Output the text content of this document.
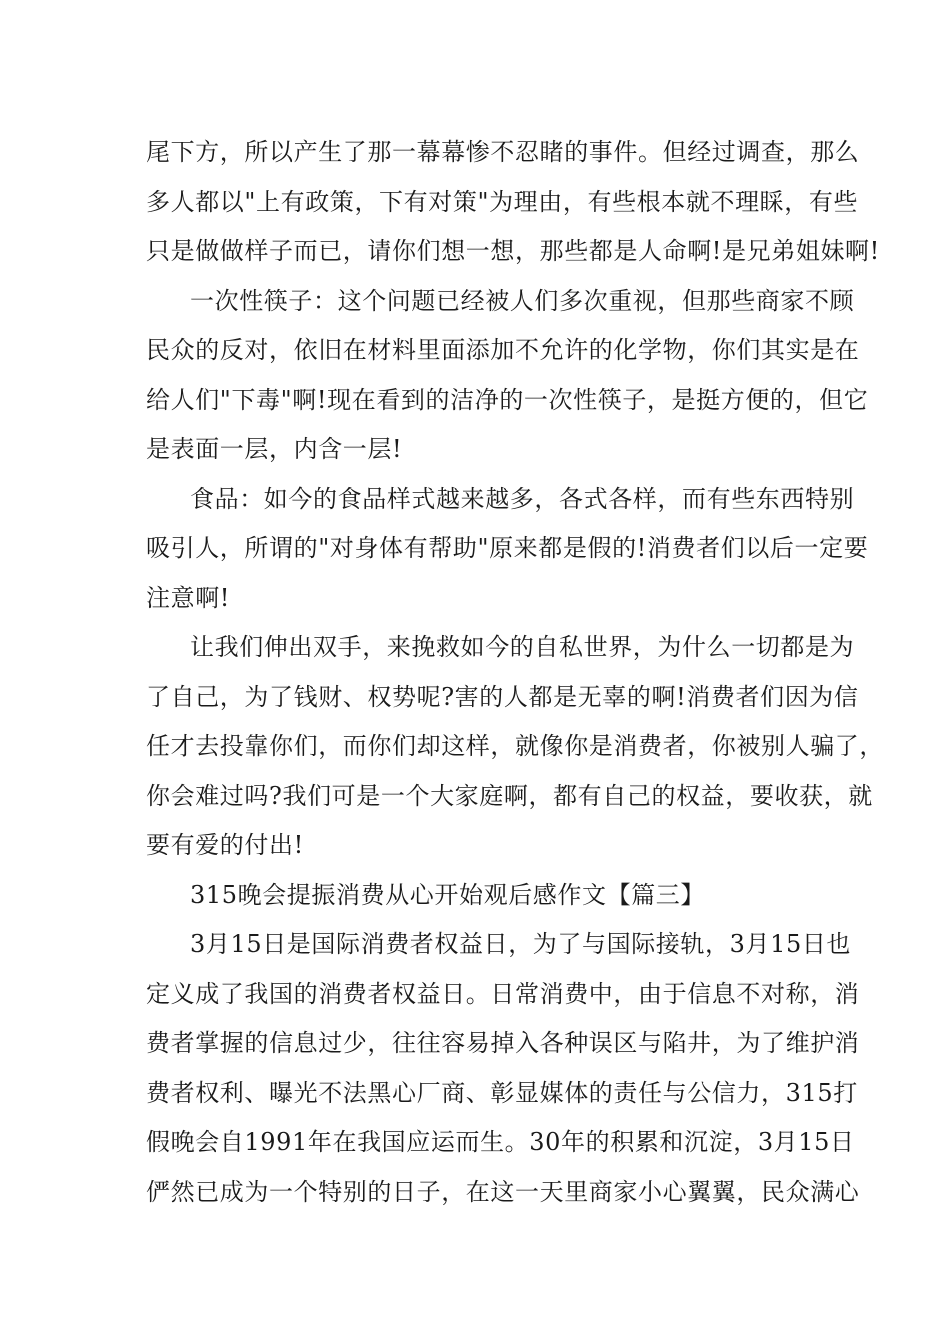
尾下方，所以产生了那一幕幕惨不忍睹的事件。但经过调查，那么
多人都以"上有政策，下有对策"为理由，有些根本就不理睬，有些
只是做做样子而已，请你们想一想，那些都是人命啊!是兄弟姐妹啊!
一次性筷子：这个问题已经被人们多次重视，但那些商家不顾
民众的反对，依旧在材料里面添加不允许的化学物，你们其实是在
给人们"下毒"啊!现在看到的洁净的一次性筷子，是挺方便的，但它
是表面一层，内含一层!
食品：如今的食品样式越来越多，各式各样，而有些东西特别
吸引人，所谓的"对身体有帮助"原来都是假的!消费者们以后一定要
注意啊!
让我们伸出双手，来挽救如今的自私世界，为什么一切都是为
了自己，为了钱财、权势呢?害的人都是无辜的啊!消费者们因为信
任才去投靠你们，而你们却这样，就像你是消费者，你被别人骗了，
你会难过吗?我们可是一个大家庭啊，都有自己的权益，要收获，就
要有爱的付出!
315晚会提振消费从心开始观后感作文【篇三】
3月15日是国际消费者权益日，为了与国际接轨，3月15日也
定义成了我国的消费者权益日。日常消费中，由于信息不对称，消
费者掌握的信息过少，往往容易掉入各种误区与陷井，为了维护消
费者权利、曝光不法黑心厂商、彰显媒体的责任与公信力，315打
假晚会自1991年在我国应运而生。30年的积累和沉淀，3月15日
俨然已成为一个特别的日子，在这一天里商家小心翼翼，民众满心
